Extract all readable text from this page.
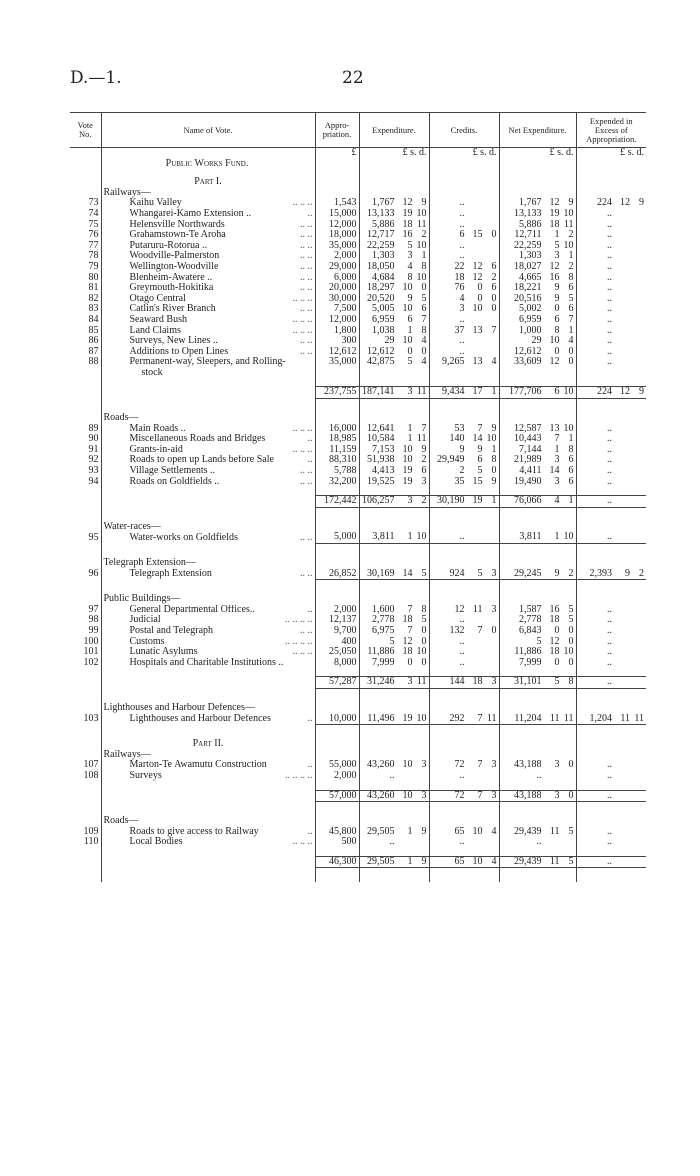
D.—1.	22
Vote No.	Name of Vote.	Appro-priation.	Expenditure.	Credits.	Net Expenditure.	Expended in Excess of Appropriation.
		£	£ s. d.	£ s. d.	£ s. d.	£ s. d.
	Public Works Fund.					

	Part I.					
	Railways—					
73	Kaihu Valley .. .. ..	1,543	1,767 12 9	..	1,767 12 9	224 12 9

74	Whangarei-Kamo Extension .. ..	15,000	13,133 19 10	..	13,133 19 10	..

75	Helensville Northwards .. ..	12,000	5,886 18 11	..	5,886 18 11	..

76	Grahamstown-Te Aroha .. ..	18,000	12,717 16 2	6 15 0	12,711 1 2	..

77	Putaruru-Rotorua .. .. ..	35,000	22,259 5 10	..	22,259 5 10	..

78	Woodville-Palmerston .. ..	2,000	1,303 3 1	..	1,303 3 1	..

79	Wellington-Woodville .. ..	29,000	18,050 4 8	22 12 6	18,027 12 2	..

80	Blenheim-Awatere .. .. ..	6,000	4,684 8 10	18 12 2	4,665 16 8	..

81	Greymouth-Hokitika .. ..	20,000	18,297 10 0	76 0 6	18,221 9 6	..

82	Otago Central .. .. ..	30,000	20,520 9 5	4 0 0	20,516 9 5	..

83	Catlin's River Branch .. ..	7,500	5,005 10 6	3 10 0	5,002 0 6	..

84	Seaward Bush .. .. ..	12,000	6,959 6 7	..	6,959 6 7	..

85	Land Claims .. .. ..	1,800	1,038 1 8	37 13 7	1,000 8 1	..

86	Surveys, New Lines .. .. ..	300	29 10 4	..	29 10 4	..

87	Additions to Open Lines .. ..	12,612	12,612 0 0	..	12,612 0 0	..

88	Permanent-way, Sleepers, and Rolling-	35,000	42,875 5 4	9,265 13 4	33,609 12 0	..

	stock		

		237,755	187,141 3 11	9,434 17 1	177,706 6 10	224 12 9

	Roads—					
89	Main Roads .. .. .. ..	16,000	12,641 1 7	53 7 9	12,587 13 10	..

90	Miscellaneous Roads and Bridges ..	18,985	10,584 1 11	140 14 10	10,443 7 1	..

91	Grants-in-aid .. .. ..	11,159	7,153 10 9	9 9 1	7,144 1 8	..

92	Roads to open up Lands before Sale ..	88,310	51,938 10 2	29,949 6 8	21,989 3 6	..

93	Village Settlements .. .. ..	5,788	4,413 19 6	2 5 0	4,411 14 6	..

94	Roads on Goldfields .. .. ..	32,200	19,525 19 3	35 15 9	19,490 3 6	..

		172,442	106,257 3 2	30,190 19 1	76,066 4 1	..

	Water-races—					
95	Water-works on Goldfields .. ..	5,000	3,811 1 10	..	3,811 1 10	..

	Telegraph Extension—					
96	Telegraph Extension .. ..	26,852	30,169 14 5	924 5 3	29,245 9 2	2,393 9 2

	Public Buildings—					
97	General Departmental Offices.. ..	2,000	1,600 7 8	12 11 3	1,587 16 5	..

98	Judicial .. .. .. ..	12,137	2,778 18 5	..	2,778 18 5	..

99	Postal and Telegraph .. ..	9,700	6,975 7 0	132 7 0	6,843 0 0	..

100	Customs .. .. .. ..	400	5 12 0	..	5 12 0	..

101	Lunatic Asylums .. .. ..	25,050	11,886 18 10	..	11,886 18 10	..

102	Hospitals and Charitable Institutions ..	8,000	7,999 0 0	..	7,999 0 0	..

		57,287	31,246 3 11	144 18 3	31,101 5 8	..

	Lighthouses and Harbour Defences—					
103	Lighthouses and Harbour Defences ..	10,000	11,496 19 10	292 7 11	11,204 11 11	1,204 11 11

	Part II.					
	Railways—					
107	Marton-Te Awamutu Construction ..	55,000	43,260 10 3	72 7 3	43,188 3 0	..

108	Surveys .. .. .. ..	2,000	..	..	..	..

		57,000	43,260 10 3	72 7 3	43,188 3 0	..

	Roads—					
109	Roads to give access to Railway ..	45,800	29,505 1 9	65 10 4	29,439 11 5	..

110	Local Bodies .. .. ..	500	..	..	..	..

		46,300	29,505 1 9	65 10 4	29,439 11 5	..
